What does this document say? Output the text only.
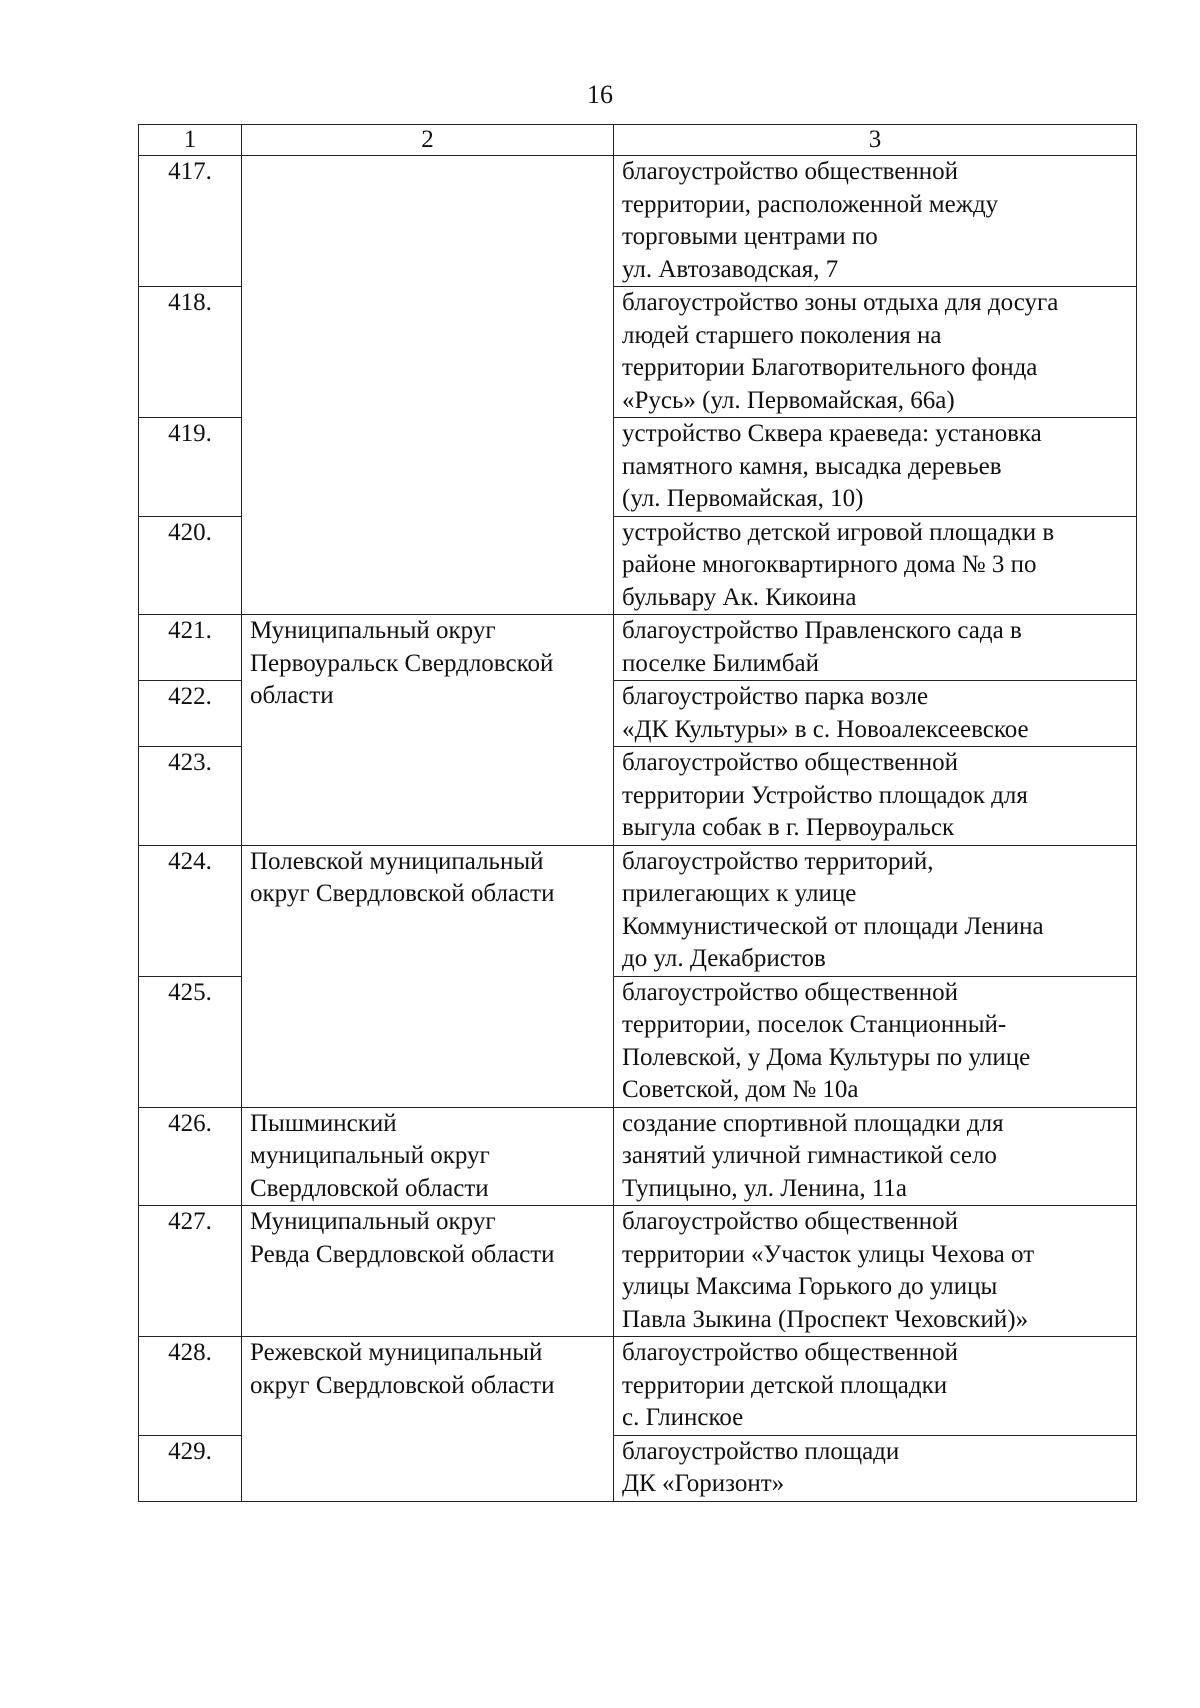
16
1	2	3
417.		благоустройство общественной
территории, расположенной между
торговыми центрами по
ул. Автозаводская, 7

418.		благоустройство зоны отдыха для досуга
людей старшего поколения на
территории Благотворительного фонда
«Русь» (ул. Первомайская, 66а)

419.		устройство Сквера краеведа: установка
памятного камня, высадка деревьев
(ул. Первомайская, 10)

420.		устройство детской игровой площадки в
районе многоквартирного дома № 3 по
бульвару Ак. Кикоина

421.	Муниципальный округ
Первоуральск Свердловской
области	благоустройство Правленского сада в
поселке Билимбай

422.		благоустройство парка возле
«ДК Культуры» в с. Новоалексеевское

423.		благоустройство общественной
территории Устройство площадок для
выгула собак в г. Первоуральск

424.	Полевской муниципальный
округ Свердловской области	благоустройство территорий,
прилегающих к улице
Коммунистической от площади Ленина
до ул. Декабристов

425.		благоустройство общественной
территории, поселок Станционный-
Полевской, у Дома Культуры по улице
Советской, дом № 10а

426.	Пышминский
муниципальный округ
Свердловской области	создание спортивной площадки для
занятий уличной гимнастикой село
Тупицыно, ул. Ленина, 11а

427.	Муниципальный округ
Ревда Свердловской области	благоустройство общественной
территории «Участок улицы Чехова от
улицы Максима Горького до улицы
Павла Зыкина (Проспект Чеховский)»

428.	Режевской муниципальный
округ Свердловской области	благоустройство общественной
территории детской площадки
с. Глинское

429.		благоустройство площади
ДК «Горизонт»
